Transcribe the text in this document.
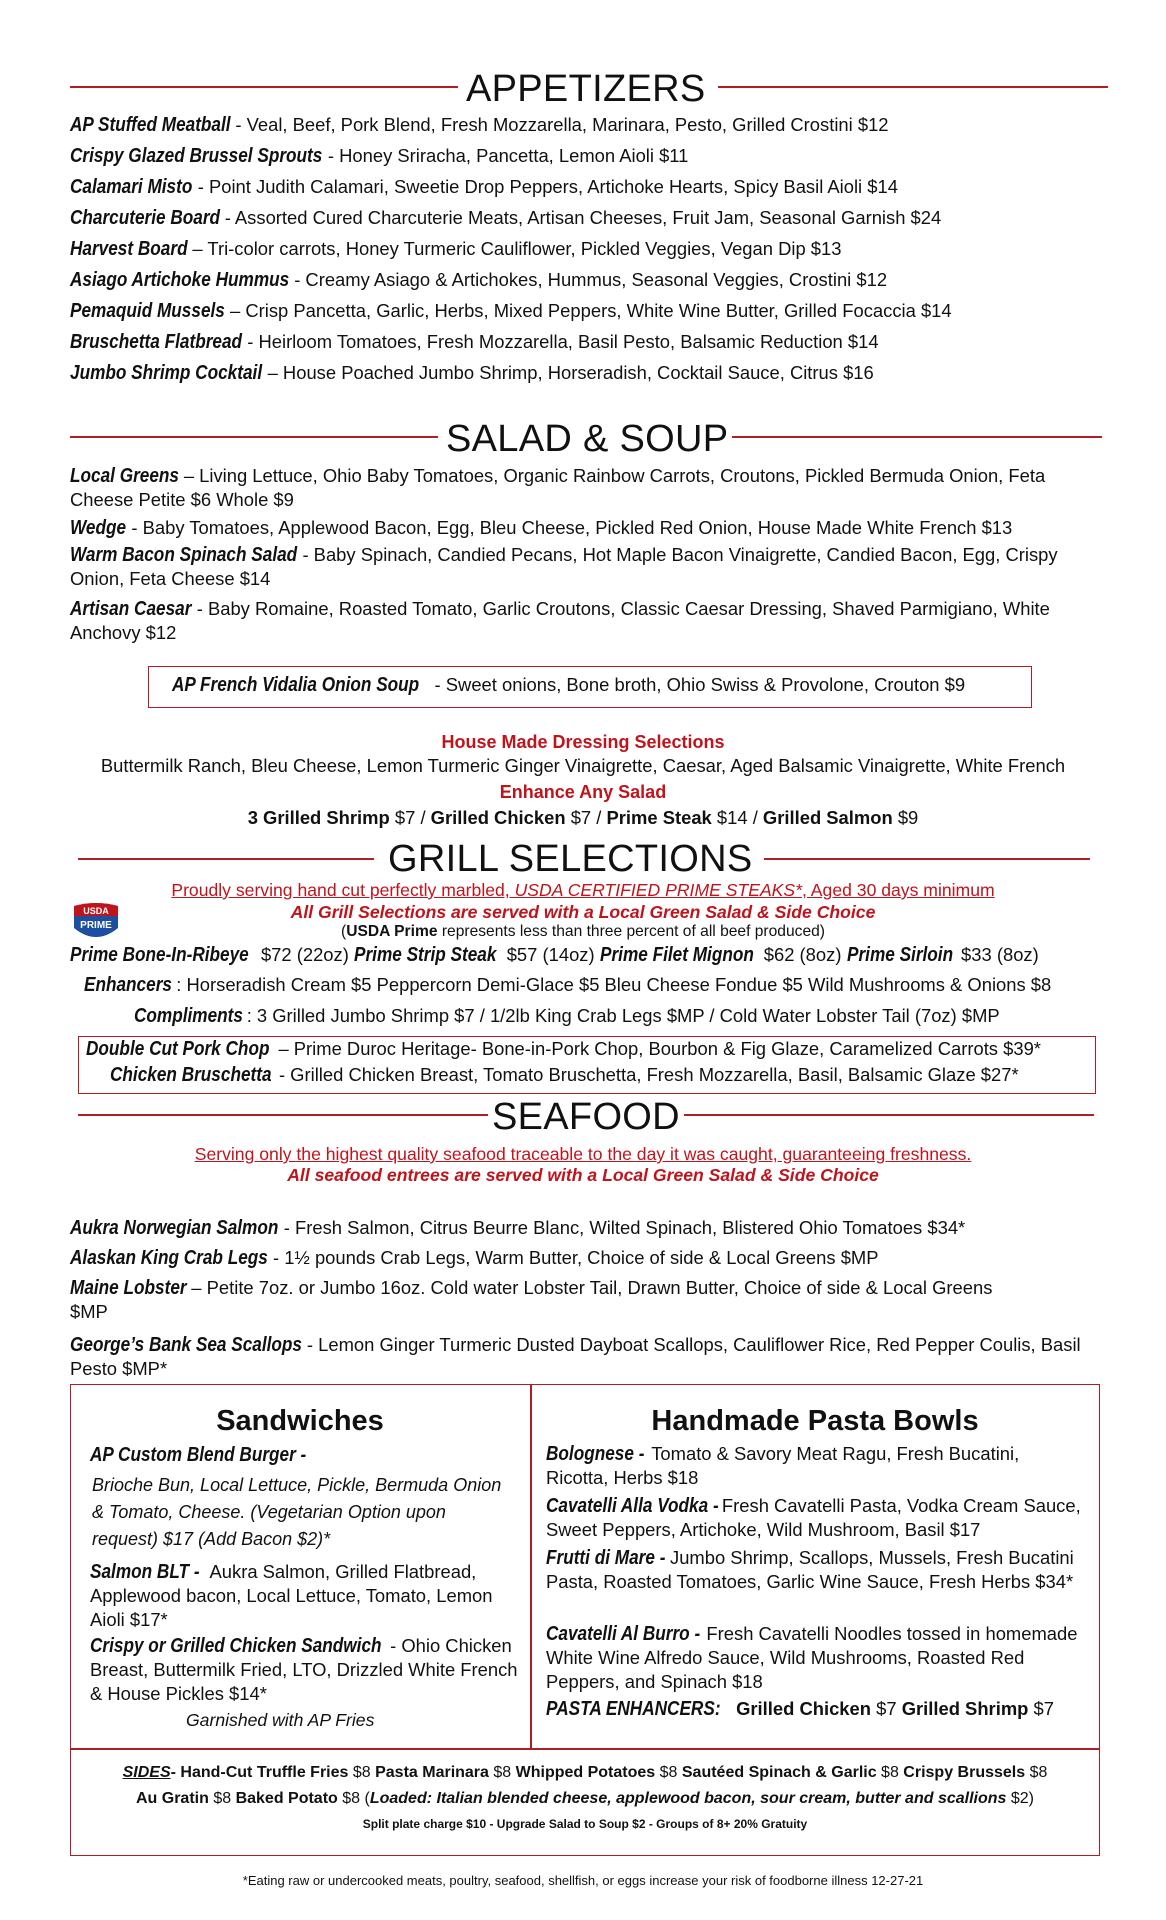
APPETIZERS
AP Stuffed Meatball - Veal, Beef, Pork Blend, Fresh Mozzarella, Marinara, Pesto, Grilled Crostini $12
Crispy Glazed Brussel Sprouts - Honey Sriracha, Pancetta, Lemon Aioli $11
Calamari Misto - Point Judith Calamari, Sweetie Drop Peppers, Artichoke Hearts, Spicy Basil Aioli $14
Charcuterie Board - Assorted Cured Charcuterie Meats, Artisan Cheeses, Fruit Jam, Seasonal Garnish $24
Harvest Board – Tri-color carrots, Honey Turmeric Cauliflower, Pickled Veggies, Vegan Dip $13
Asiago Artichoke Hummus - Creamy Asiago & Artichokes, Hummus, Seasonal Veggies, Crostini $12
Pemaquid Mussels – Crisp Pancetta, Garlic, Herbs, Mixed Peppers, White Wine Butter, Grilled Focaccia $14
Bruschetta Flatbread - Heirloom Tomatoes, Fresh Mozzarella, Basil Pesto, Balsamic Reduction $14
Jumbo Shrimp Cocktail – House Poached Jumbo Shrimp, Horseradish, Cocktail Sauce, Citrus $16
SALAD & SOUP
Local Greens – Living Lettuce, Ohio Baby Tomatoes, Organic Rainbow Carrots, Croutons, Pickled Bermuda Onion, Feta Cheese Petite $6 Whole $9
Wedge - Baby Tomatoes, Applewood Bacon, Egg, Bleu Cheese, Pickled Red Onion, House Made White French $13
Warm Bacon Spinach Salad - Baby Spinach, Candied Pecans, Hot Maple Bacon Vinaigrette, Candied Bacon, Egg, Crispy Onion, Feta Cheese $14
Artisan Caesar - Baby Romaine, Roasted Tomato, Garlic Croutons, Classic Caesar Dressing, Shaved Parmigiano, White Anchovy $12
AP French Vidalia Onion Soup - Sweet onions, Bone broth, Ohio Swiss & Provolone, Crouton $9
House Made Dressing Selections
Buttermilk Ranch, Bleu Cheese, Lemon Turmeric Ginger Vinaigrette, Caesar, Aged Balsamic Vinaigrette, White French
Enhance Any Salad
3 Grilled Shrimp $7 / Grilled Chicken $7 / Prime Steak $14 / Grilled Salmon $9
GRILL SELECTIONS
Proudly serving hand cut perfectly marbled, USDA CERTIFIED PRIME STEAKS*, Aged 30 days minimum
USDA
PRIME
All Grill Selections are served with a Local Green Salad & Side Choice
(USDA Prime represents less than three percent of all beef produced)
Prime Bone-In-Ribeye $72 (22oz) Prime Strip Steak $57 (14oz) Prime Filet Mignon $62 (8oz) Prime Sirloin $33 (8oz)
Enhancers : Horseradish Cream $5 Peppercorn Demi-Glace $5 Bleu Cheese Fondue $5 Wild Mushrooms & Onions $8
Compliments : 3 Grilled Jumbo Shrimp $7 / 1/2lb King Crab Legs $MP / Cold Water Lobster Tail (7oz) $MP
Double Cut Pork Chop – Prime Duroc Heritage- Bone-in-Pork Chop, Bourbon & Fig Glaze, Caramelized Carrots $39*
Chicken Bruschetta - Grilled Chicken Breast, Tomato Bruschetta, Fresh Mozzarella, Basil, Balsamic Glaze $27*
SEAFOOD
Serving only the highest quality seafood traceable to the day it was caught, guaranteeing freshness.
All seafood entrees are served with a Local Green Salad & Side Choice
Aukra Norwegian Salmon - Fresh Salmon, Citrus Beurre Blanc, Wilted Spinach, Blistered Ohio Tomatoes $34*
Alaskan King Crab Legs - 1½ pounds Crab Legs, Warm Butter, Choice of side & Local Greens $MP
Maine Lobster – Petite 7oz. or Jumbo 16oz. Cold water Lobster Tail, Drawn Butter, Choice of side & Local Greens $MP
George’s Bank Sea Scallops - Lemon Ginger Turmeric Dusted Dayboat Scallops, Cauliflower Rice, Red Pepper Coulis, Basil Pesto $MP*
Sandwiches
AP Custom Blend Burger -
Brioche Bun, Local Lettuce, Pickle, Bermuda Onion & Tomato, Cheese. (Vegetarian Option upon request) $17 (Add Bacon $2)*
Salmon BLT - Aukra Salmon, Grilled Flatbread, Applewood bacon, Local Lettuce, Tomato, Lemon Aioli $17*
Crispy or Grilled Chicken Sandwich - Ohio Chicken Breast, Buttermilk Fried, LTO, Drizzled White French & House Pickles $14*
Garnished with AP Fries
Handmade Pasta Bowls
Bolognese - Tomato & Savory Meat Ragu, Fresh Bucatini, Ricotta, Herbs $18
Cavatelli Alla Vodka - Fresh Cavatelli Pasta, Vodka Cream Sauce, Sweet Peppers, Artichoke, Wild Mushroom, Basil $17
Frutti di Mare - Jumbo Shrimp, Scallops, Mussels, Fresh Bucatini Pasta, Roasted Tomatoes, Garlic Wine Sauce, Fresh Herbs $34*
Cavatelli Al Burro - Fresh Cavatelli Noodles tossed in homemade White Wine Alfredo Sauce, Wild Mushrooms, Roasted Red Peppers, and Spinach $18
PASTA ENHANCERS: Grilled Chicken $7 Grilled Shrimp $7
SIDES- Hand-Cut Truffle Fries $8 Pasta Marinara $8 Whipped Potatoes $8 Sautéed Spinach & Garlic $8 Crispy Brussels $8
Au Gratin $8 Baked Potato $8 (Loaded: Italian blended cheese, applewood bacon, sour cream, butter and scallions $2)
Split plate charge $10 - Upgrade Salad to Soup $2 - Groups of 8+ 20% Gratuity
*Eating raw or undercooked meats, poultry, seafood, shellfish, or eggs increase your risk of foodborne illness 12-27-21
